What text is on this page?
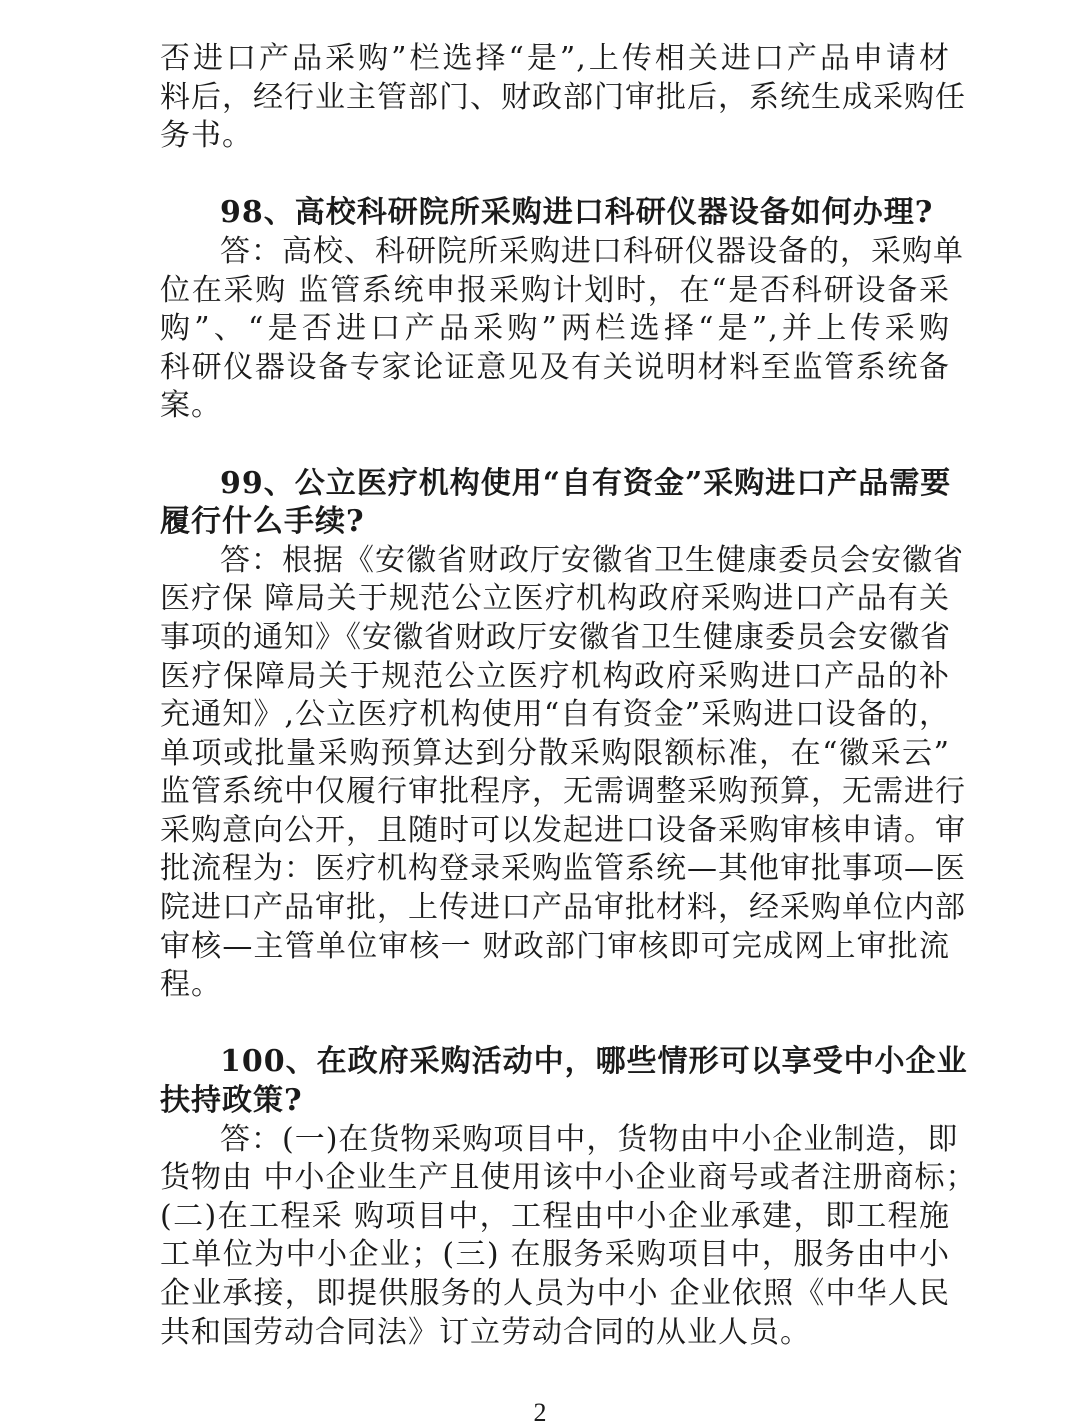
否进口产品采购”栏选择“是”,上传相关进口产品申请材
料后，经行业主管部门、财政部门审批后，系统生成采购任
务书。
98、高校科研院所采购进口科研仪器设备如何办理?
答：高校、科研院所采购进口科研仪器设备的，采购单
位在采购 监管系统申报采购计划时，在“是否科研设备采
购”、“是否进口产品采购”两栏选择“是”,并上传采购
科研仪器设备专家论证意见及有关说明材料至监管系统备
案。
99、公立医疗机构使用“自有资金”采购进口产品需要
履行什么手续?
答：根据《安徽省财政厅安徽省卫生健康委员会安徽省
医疗保 障局关于规范公立医疗机构政府采购进口产品有关
事项的通知》《安徽省财政厅安徽省卫生健康委员会安徽省
医疗保障局关于规范公立医疗机构政府采购进口产品的补
充通知》,公立医疗机构使用“自有资金”采购进口设备的，
单项或批量采购预算达到分散采购限额标准，在“徽采云”
监管系统中仅履行审批程序，无需调整采购预算，无需进行
采购意向公开，且随时可以发起进口设备采购审核申请。审
批流程为：医疗机构登录采购监管系统—其他审批事项—医
院进口产品审批，上传进口产品审批材料，经采购单位内部
审核—主管单位审核一 财政部门审核即可完成网上审批流
程。
100、在政府采购活动中，哪些情形可以享受中小企业
扶持政策?
答：(一)在货物采购项目中，货物由中小企业制造，即
货物由 中小企业生产且使用该中小企业商号或者注册商标；
(二)在工程采 购项目中，工程由中小企业承建，即工程施
工单位为中小企业；(三) 在服务采购项目中，服务由中小
企业承接，即提供服务的人员为中小 企业依照《中华人民
共和国劳动合同法》订立劳动合同的从业人员。
2
